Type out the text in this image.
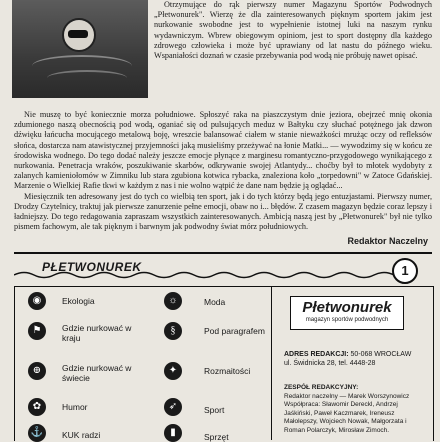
Otrzymujące do rąk pierwszy numer Magazynu Sportów Podwodnych „Płetwonurek". Wierzę że dla zainteresowanych pięknym sportem jakim jest nurkowanie swobodne jest to wypełnienie istotnej luki na naszym rynku wydawniczym. Wbrew obiegowym opiniom, jest to sport dostępny dla każdego zdrowego człowieka i może być uprawiany od lat nastu do późnego wieku. Wspaniałości doznań w czasie przebywania pod wodą nie próbuję nawet opisać.

Nie muszę to być koniecznie morza południowe. Spłoszyć raka na piaszczystym dnie jeziora, obejrzeć mnię okonia zdumionego naszą obecnością pod wodą, oganiać się od pulsujących meduz w Bałtyku czy słuchać potężnego jak dzwon dźwięku łańcucha mocującego metalową boję, wreszcie balansować ciałem w stanie nieważkości mrużąc oczy od refleksów słońca, dostarcza nam atawistycznej przyjemności jaką musieliśmy przeżywać na łonie Matki... — wywodzimy się w końcu ze środowiska wodnego. Do tego dodać należy jeszcze emocje płynące z marginesu romantyczno-przygodowego wynikającego z nurkowania. Penetracja wraków, poszukiwanie skarbów, odkrywanie swojej Atlantydy... choćby był to młotek wydobyty z zalanych kamieniołomów w Zimniku lub stara zgubiona kotwica rybacka, znaleziona koło „torpedowni" w Zatoce Gdańskiej. Marzenie o Wielkiej Rafie tkwi w każdym z nas i nie wolno wątpić że dane nam będzie ją oglądać...

Miesięcznik ten adresowany jest do tych co wielbią ten sport, jak i do tych którzy będą jego entuzjastami. Pierwszy numer, Drodzy Czytelnicy, traktuj jak pierwsze zanurzenie pełne emocji, obaw no i... błędów. Z czasem magazyn będzie coraz lepszy i ładniejszy. Do tego redagowania zapraszam wszystkich zainteresowanych. Ambicją naszą jest by „Płetwonurek" był nie tylko pismem fachowym, ale tak pięknym i barwnym jak podwodny świat mórz południowych.

Redaktor Naczelny
PŁETWONUREK	1
◉	Ekologia
⚑	Gdzie nurkować w kraju
⊕	Gdzie nurkować w świecie
✿	Humor
⚓	KUK radzi
☼	Moda
§	Pod paragrafem
✦	Rozmaitości
➶	Sport
▮	Sprzęt
Płetwonurek
magazyn sportów podwodnych
ADRES REDAKCJI: 50-068 WROCŁAW
ul. Świdnicka 28, tel. 4448-28
ZESPÓŁ REDAKCYJNY:
Redaktor naczelny — Marek Worszynowicz
Współpraca: Sławomir Dereckl, Andrzej Jaśkiński, Paweł Kaczmarek, Ireneusz Małolepszy, Wojciech Nowak, Małgorzata i Roman Polarczyk, Mirosław Zimoch.
